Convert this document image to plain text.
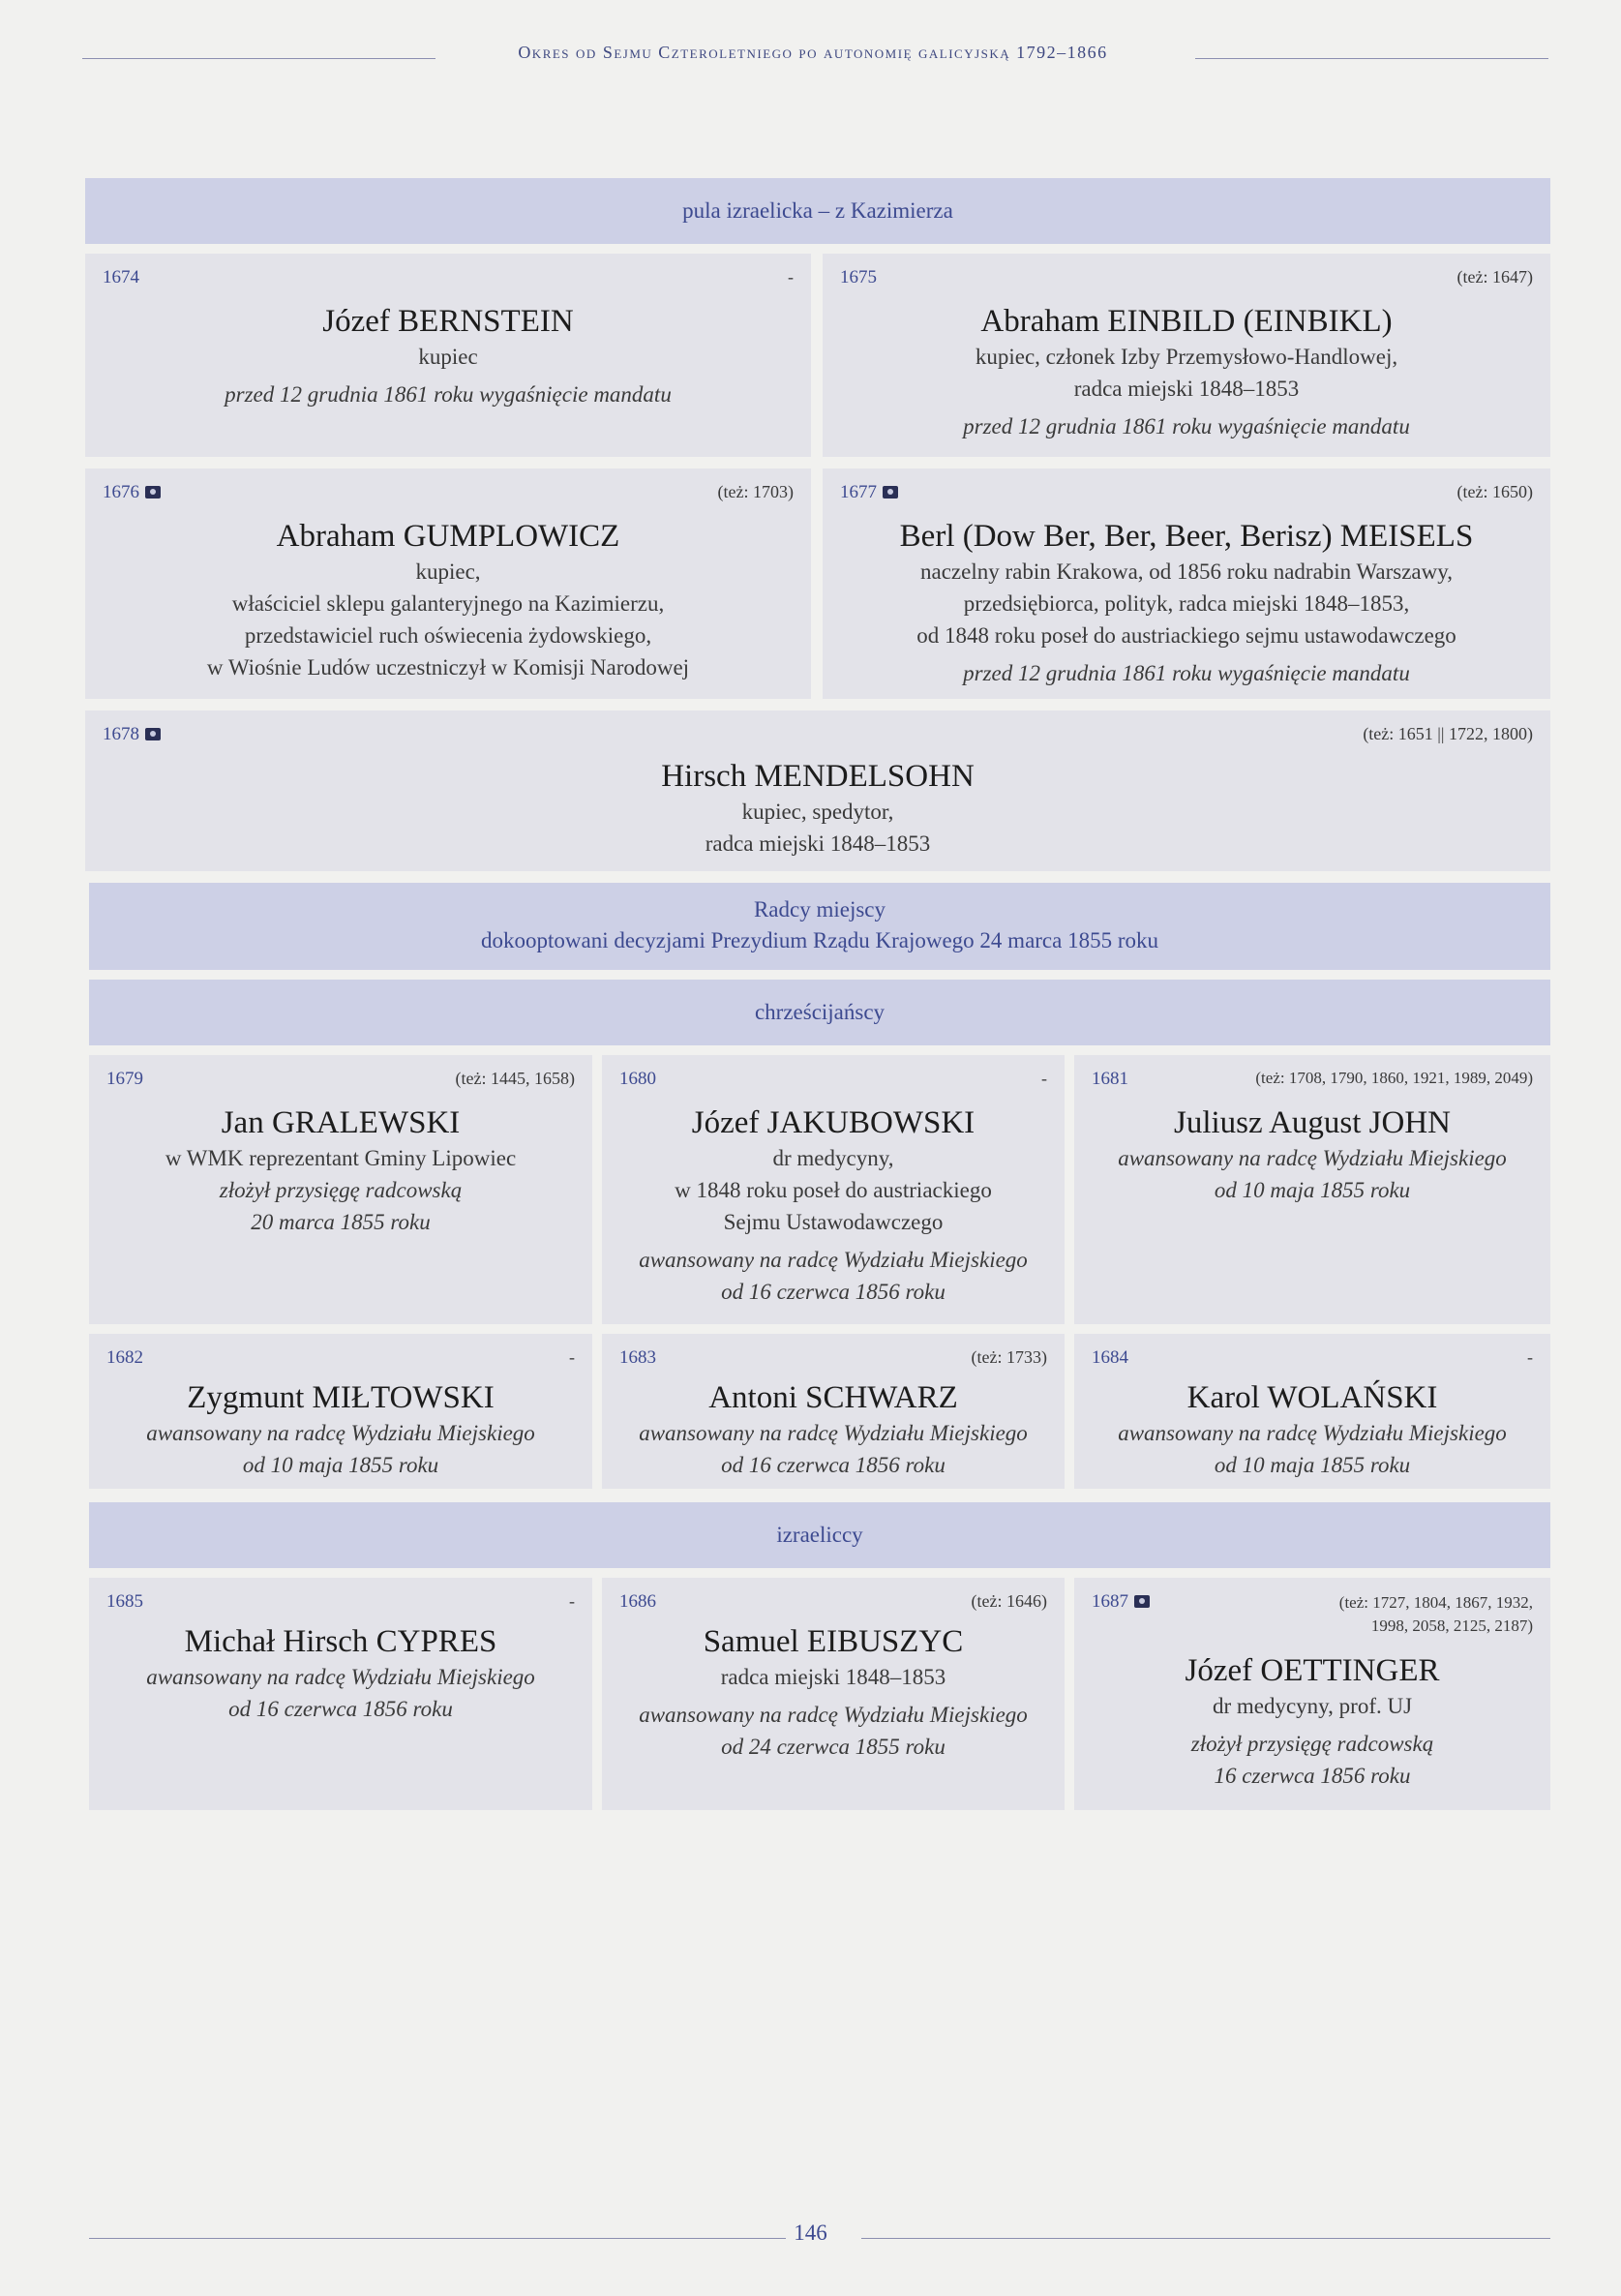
Okres od Sejmu Czteroletniego po autonomię galicyjską 1792–1866
pula izraelicka – z Kazimierza
1674	-
Józef BERNSTEIN
kupiec
przed 12 grudnia 1861 roku wygaśnięcie mandatu
1675	(też: 1647)
Abraham EINBILD (EINBIKL)
kupiec, członek Izby Przemysłowo-Handlowej,
radca miejski 1848–1853
przed 12 grudnia 1861 roku wygaśnięcie mandatu
1676	(też: 1703)
Abraham GUMPLOWICZ
kupiec,
właściciel sklepu galanteryjnego na Kazimierzu,
przedstawiciel ruch oświecenia żydowskiego,
w Wiośnie Ludów uczestniczył w Komisji Narodowej
1677	(też: 1650)
Berl (Dow Ber, Ber, Beer, Berisz) MEISELS
naczelny rabin Krakowa, od 1856 roku nadrabin Warszawy,
przedsiębiorca, polityk, radca miejski 1848–1853,
od 1848 roku poseł do austriackiego sejmu ustawodawczego
przed 12 grudnia 1861 roku wygaśnięcie mandatu
1678	(też: 1651 || 1722, 1800)
Hirsch MENDELSOHN
kupiec, spedytor,
radca miejski 1848–1853
Radcy miejscy
dokooptowani decyzjami Prezydium Rządu Krajowego 24 marca 1855 roku
chrześcijańscy
1679	(też: 1445, 1658)
Jan GRALEWSKI
w WMK reprezentant Gminy Lipowiec
złożył przysięgę radcowską
20 marca 1855 roku
1680	-
Józef JAKUBOWSKI
dr medycyny,
w 1848 roku poseł do austriackiego
Sejmu Ustawodawczego
awansowany na radcę Wydziału Miejskiego
od 16 czerwca 1856 roku
1681	(też: 1708, 1790, 1860, 1921, 1989, 2049)
Juliusz August JOHN
awansowany na radcę Wydziału Miejskiego
od 10 maja 1855 roku
1682	-
Zygmunt MIŁTOWSKI
awansowany na radcę Wydziału Miejskiego
od 10 maja 1855 roku
1683	(też: 1733)
Antoni SCHWARZ
awansowany na radcę Wydziału Miejskiego
od 16 czerwca 1856 roku
1684	-
Karol WOLAŃSKI
awansowany na radcę Wydziału Miejskiego
od 10 maja 1855 roku
izraeliccy
1685	-
Michał Hirsch CYPRES
awansowany na radcę Wydziału Miejskiego
od 16 czerwca 1856 roku
1686	(też: 1646)
Samuel EIBUSZYC
radca miejski 1848–1853
awansowany na radcę Wydziału Miejskiego
od 24 czerwca 1855 roku
1687	(też: 1727, 1804, 1867, 1932,
1998, 2058, 2125, 2187)
Józef OETTINGER
dr medycyny, prof. UJ
złożył przysięgę radcowską
16 czerwca 1856 roku
146
